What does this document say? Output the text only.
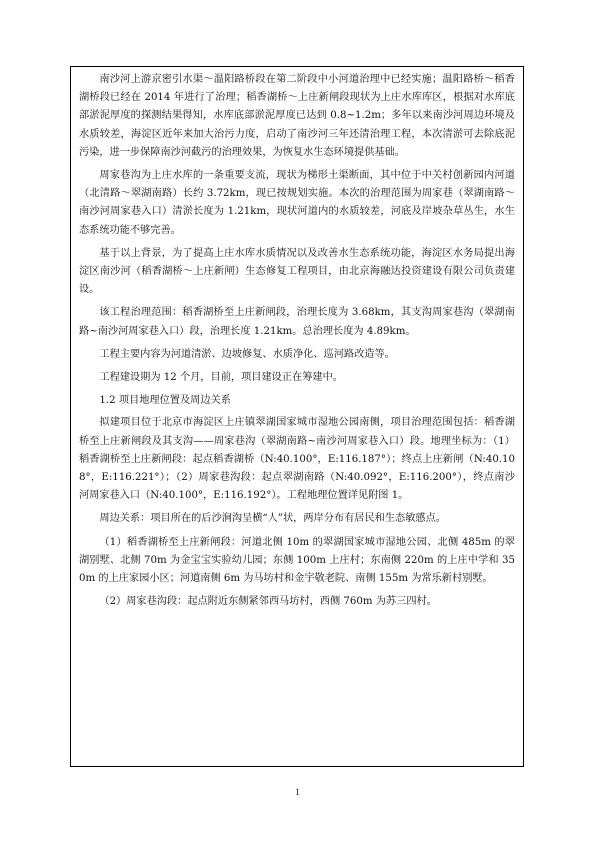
南沙河上游京密引水渠～温阳路桥段在第二阶段中小河道治理中已经实施；温阳路桥～稻香湖桥段已经在 2014 年进行了治理；稻香湖桥～上庄新闸段现状为上庄水库库区，根据对水库底部淤泥厚度的探测结果得知，水库底部淤泥厚度已达到 0.8~1.2m；多年以来南沙河周边环境及水质较差，海淀区近年来加大治污力度，启动了南沙河三年还清治理工程，本次清淤可去除底泥污染，进一步保障南沙河截污的治理效果，为恢复水生态环境提供基础。

周家巷沟为上庄水库的一条重要支流，现状为梯形土渠断面，其中位于中关村创新园内河道（北清路～翠湖南路）长约 3.72km，现已按规划实施。本次的治理范围为周家巷（翠湖南路～南沙河周家巷入口）清淤长度为 1.21km，现状河道内的水质较差，河底及岸坡杂草丛生，水生态系统功能不够完善。

基于以上背景，为了提高上庄水库水质情况以及改善水生态系统功能，海淀区水务局提出海淀区南沙河（稻香湖桥～上庄新闸）生态修复工程项目，由北京海融达投资建设有限公司负责建设。

该工程治理范围：稻香湖桥至上庄新闸段，治理长度为 3.68km，其支沟周家巷沟（翠湖南路~南沙河周家巷入口）段，治理长度 1.21km。总治理长度为 4.89km。

工程主要内容为河道清淤、边坡修复、水质净化、巡河路改造等。

工程建设期为 12 个月，目前，项目建设正在筹建中。

1.2 项目地理位置及周边关系

拟建项目位于北京市海淀区上庄镇翠湖国家城市湿地公园南侧，项目治理范围包括：稻香湖桥至上庄新闸段及其支沟——周家巷沟（翠湖南路~南沙河周家巷入口）段。地理坐标为：（1）稻香湖桥至上庄新闸段：起点稻香湖桥（N:40.100°，E:116.187°）；终点上庄新闸（N:40.108°，E:116.221°）；（2）周家巷沟段：起点翠湖南路（N:40.092°，E:116.200°），终点南沙河周家巷入口（N:40.100°，E:116.192°）。工程地理位置详见附图 1。

周边关系：项目所在的后沙涧沟呈横“人”状，两岸分布有居民和生态敏感点。

（1）稻香湖桥至上庄新闸段：河道北侧 10m 的翠湖国家城市湿地公园、北侧 485m 的翠湖别墅、北侧 70m 为金宝宝实验幼儿园；东侧 100m 上庄村；东南侧 220m 的上庄中学和 350m 的上庄家园小区；河道南侧 6m 为马坊村和金宇敬老院、南侧 155m 为常乐新村别墅。

（2）周家巷沟段：起点附近东侧紧邻西马坊村，西侧 760m 为苏三四村。

1
